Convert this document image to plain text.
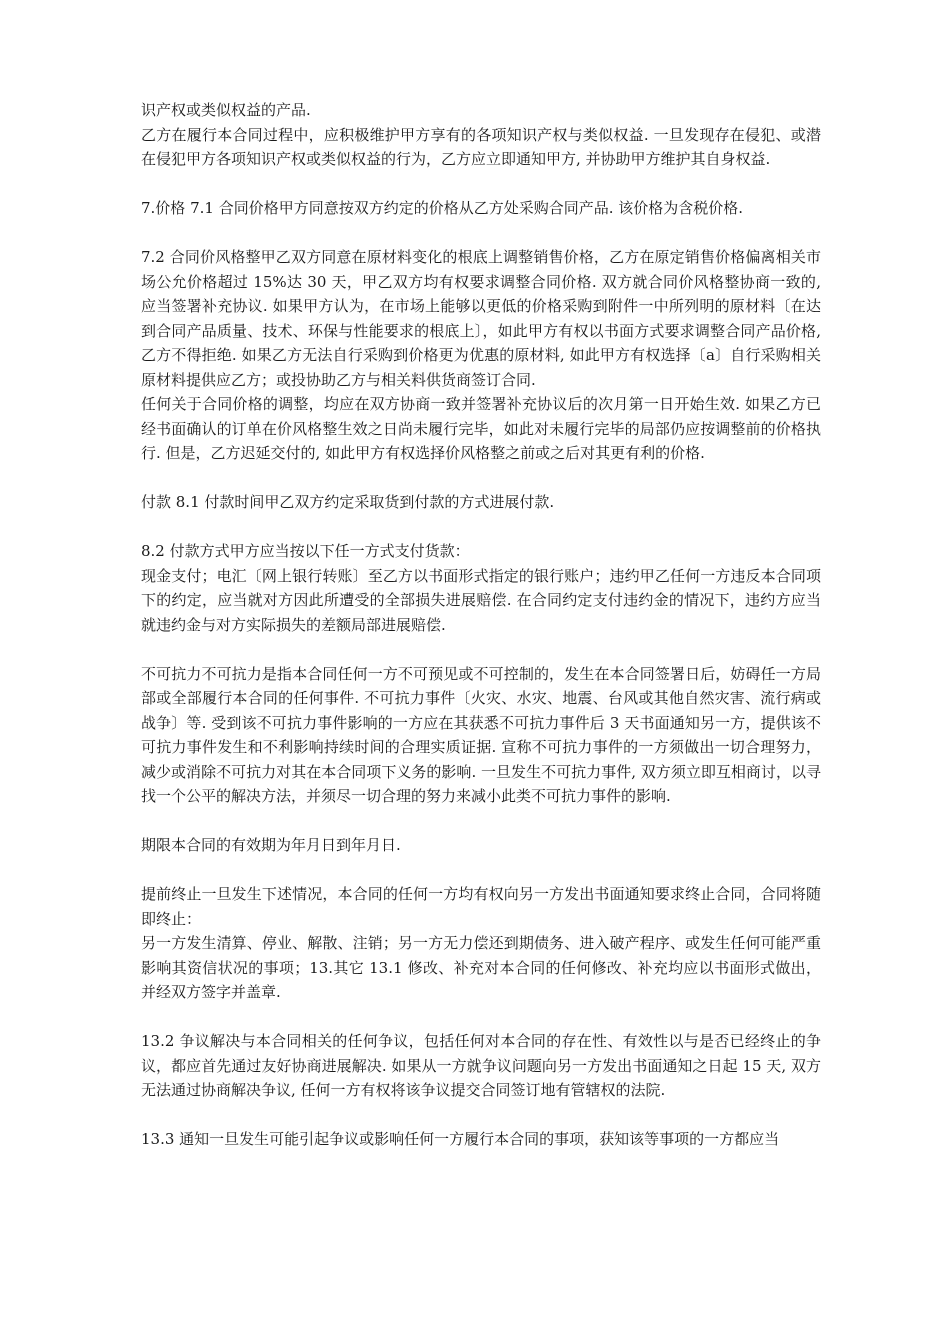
识产权或类似权益的产品.

乙方在履行本合同过程中，应积极维护甲方享有的各项知识产权与类似权益. 一旦发现存在侵犯、或潜在侵犯甲方各项知识产权或类似权益的行为，乙方应立即通知甲方, 并协助甲方维护其自身权益.

7.价格 7.1 合同价格甲方同意按双方约定的价格从乙方处采购合同产品. 该价格为含税价格.

7.2 合同价风格整甲乙双方同意在原材料变化的根底上调整销售价格，乙方在原定销售价格偏离相关市场公允价格超过 15%达 30 天，甲乙双方均有权要求调整合同价格. 双方就合同价风格整协商一致的, 应当签署补充协议. 如果甲方认为，在市场上能够以更低的价格采购到附件一中所列明的原材料〔在达到合同产品质量、技术、环保与性能要求的根底上〕，如此甲方有权以书面方式要求调整合同产品价格, 乙方不得拒绝. 如果乙方无法自行采购到价格更为优惠的原材料, 如此甲方有权选择〔a〕自行采购相关原材料提供应乙方；或投协助乙方与相关料供货商签订合同.

任何关于合同价格的调整，均应在双方协商一致并签署补充协议后的次月第一日开始生效. 如果乙方已经书面确认的订单在价风格整生效之日尚未履行完毕，如此对未履行完毕的局部仍应按调整前的价格执行. 但是，乙方迟延交付的, 如此甲方有权选择价风格整之前或之后对其更有利的价格.

付款 8.1 付款时间甲乙双方约定采取货到付款的方式进展付款.

8.2 付款方式甲方应当按以下任一方式支付货款：

现金支付；电汇〔网上银行转账〕至乙方以书面形式指定的银行账户；违约甲乙任何一方违反本合同项下的约定，应当就对方因此所遭受的全部损失进展赔偿. 在合同约定支付违约金的情况下，违约方应当就违约金与对方实际损失的差额局部进展赔偿.

不可抗力不可抗力是指本合同任何一方不可预见或不可控制的，发生在本合同签署日后，妨碍任一方局部或全部履行本合同的任何事件. 不可抗力事件〔火灾、水灾、地震、台风或其他自然灾害、流行病或战争〕等. 受到该不可抗力事件影响的一方应在其获悉不可抗力事件后 3 天书面通知另一方，提供该不可抗力事件发生和不利影响持续时间的合理实质证据. 宣称不可抗力事件的一方须做出一切合理努力，减少或消除不可抗力对其在本合同项下义务的影响. 一旦发生不可抗力事件, 双方须立即互相商讨，以寻找一个公平的解决方法，并须尽一切合理的努力来减小此类不可抗力事件的影响.

期限本合同的有效期为年月日到年月日.

提前终止一旦发生下述情况，本合同的任何一方均有权向另一方发出书面通知要求终止合同，合同将随即终止：

另一方发生清算、停业、解散、注销；另一方无力偿还到期债务、进入破产程序、或发生任何可能严重影响其资信状况的事项；13.其它 13.1 修改、补充对本合同的任何修改、补充均应以书面形式做出，并经双方签字并盖章.

13.2 争议解决与本合同相关的任何争议，包括任何对本合同的存在性、有效性以与是否已经终止的争议，都应首先通过友好协商进展解决. 如果从一方就争议问题向另一方发出书面通知之日起 15 天, 双方无法通过协商解决争议, 任何一方有权将该争议提交合同签订地有管辖权的法院.

13.3 通知一旦发生可能引起争议或影响任何一方履行本合同的事项，获知该等事项的一方都应当
